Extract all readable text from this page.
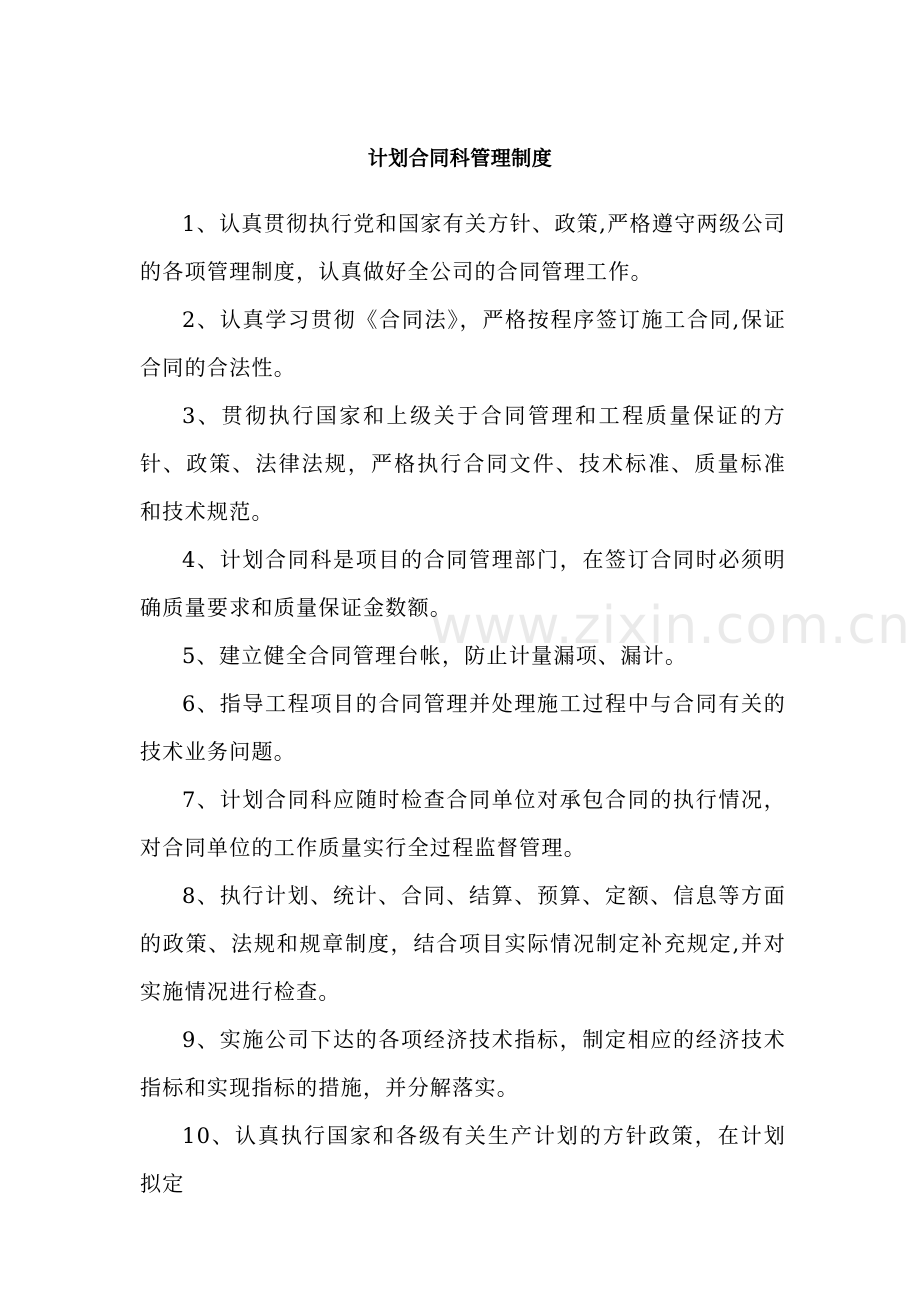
计划合同科管理制度

1、认真贯彻执行党和国家有关方针、政策,严格遵守两级公司的各项管理制度，认真做好全公司的合同管理工作。

2、认真学习贯彻《合同法》，严格按程序签订施工合同,保证合同的合法性。

3、贯彻执行国家和上级关于合同管理和工程质量保证的方针、政策、法律法规，严格执行合同文件、技术标准、质量标准和技术规范。

4、计划合同科是项目的合同管理部门，在签订合同时必须明确质量要求和质量保证金数额。

5、建立健全合同管理台帐，防止计量漏项、漏计。

6、指导工程项目的合同管理并处理施工过程中与合同有关的技术业务问题。

7、计划合同科应随时检查合同单位对承包合同的执行情况，对合同单位的工作质量实行全过程监督管理。

8、执行计划、统计、合同、结算、预算、定额、信息等方面的政策、法规和规章制度，结合项目实际情况制定补充规定,并对实施情况进行检查。

9、实施公司下达的各项经济技术指标，制定相应的经济技术指标和实现指标的措施，并分解落实。

10、认真执行国家和各级有关生产计划的方针政策，在计划拟定

www.zixin.com.cn
